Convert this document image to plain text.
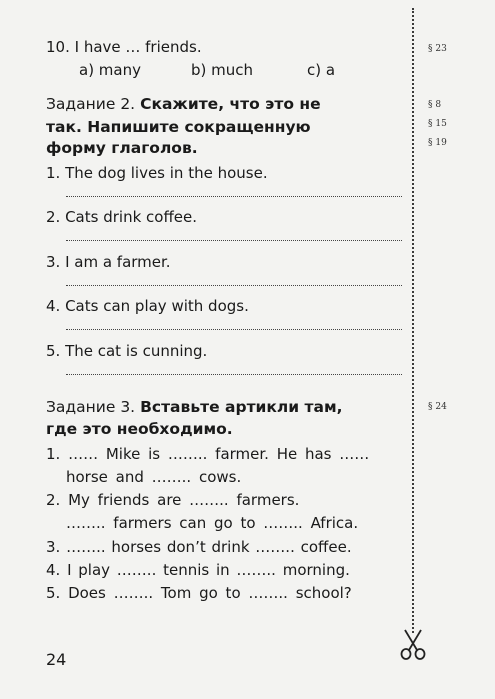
§ 23
§ 8
§ 15
§ 19
§ 24
10. I have … friends.
a) many	b) much	c) a
Задание 2. Скажите, что это не
так. Напишите сокращенную
форму глаголов.
1. The dog lives in the house.
2. Cats drink coffee.
3. I am a farmer.
4. Cats can play with dogs.
5. The cat is cunning.
Задание 3. Вставьте артикли там,
где это необходимо.
1. …… Mike is …….. farmer. He has ……
horse and …….. cows.
2. My friends are …….. farmers.
…….. farmers can go to …….. Africa.
3. …….. horses don’t drink …….. coffee.
4. I play …….. tennis in …….. morning.
5. Does …….. Tom go to …….. school?
24
